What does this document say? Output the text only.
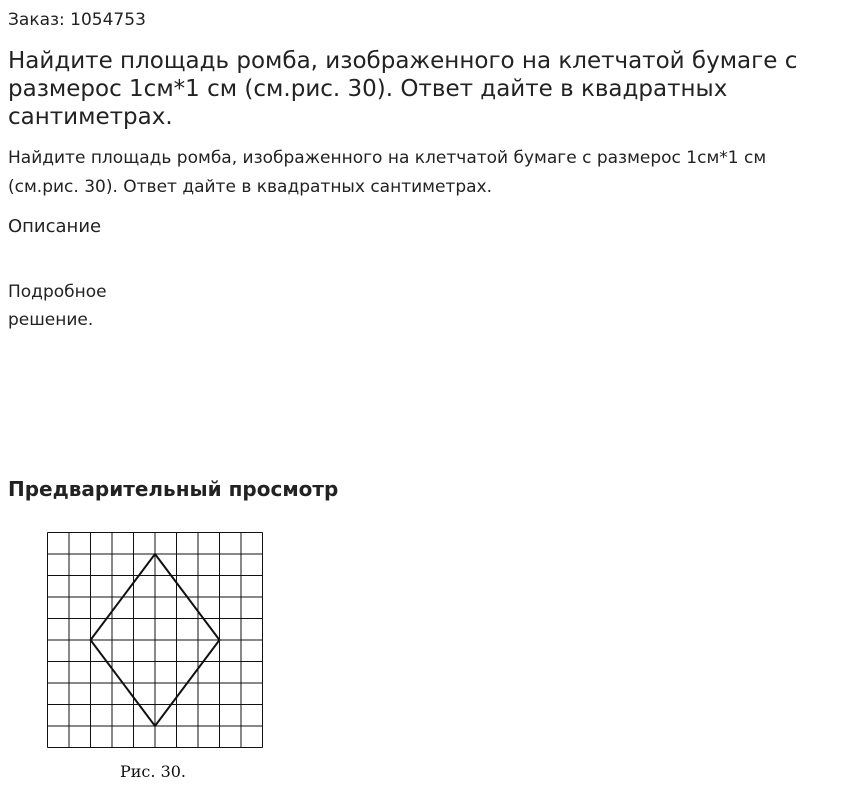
Заказ: 1054753
Найдите площадь ромба, изображенного на клетчатой бумаге с размерос 1см*1 см (см.рис. 30). Ответ дайте в квадратных сантиметрах.

Найдите площадь ромба, изображенного на клетчатой бумаге с размерос 1см*1 см (см.рис. 30). Ответ дайте в квадратных сантиметрах.

Описание
Подробное решение.
Предварительный просмотр
Рис. 30.
